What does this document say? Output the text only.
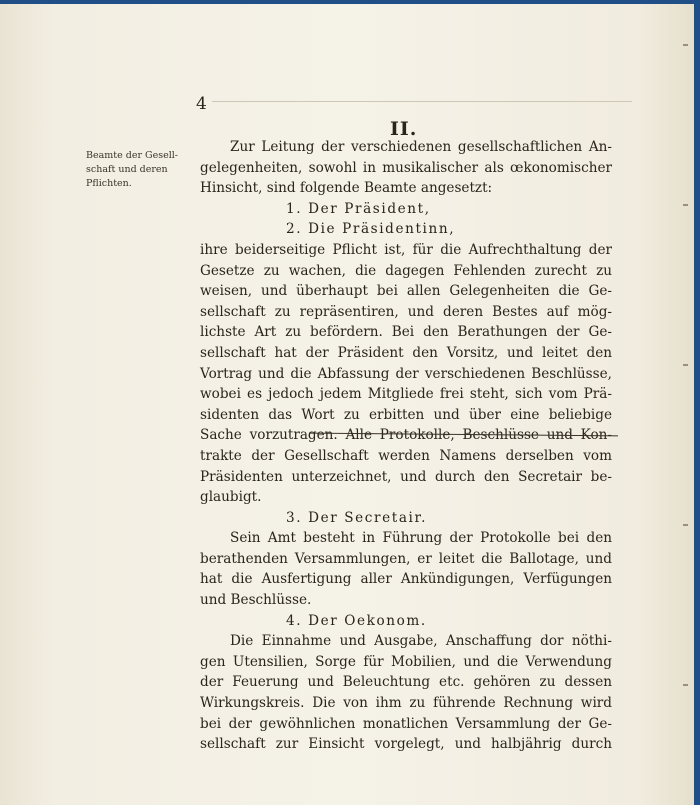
4
II.
Beamte der Gesell-
schaft und deren
Pflichten.
Zur Leitung der verschiedenen gesellschaftlichen An-
gelegenheiten, sowohl in musikalischer als œkonomischer
Hinsicht, sind folgende Beamte angesetzt:
1. Der Präsident,
2. Die Präsidentinn,
ihre beiderseitige Pflicht ist, für die Aufrechthaltung der
Gesetze zu wachen, die dagegen Fehlenden zurecht zu
weisen, und überhaupt bei allen Gelegenheiten die Ge-
sellschaft zu repräsentiren, und deren Bestes auf mög-
lichste Art zu befördern. Bei den Berathungen der Ge-
sellschaft hat der Präsident den Vorsitz, und leitet den
Vortrag und die Abfassung der verschiedenen Beschlüsse,
wobei es jedoch jedem Mitgliede frei steht, sich vom Prä-
sidenten das Wort zu erbitten und über eine beliebige
Sache vorzutragen. Alle Protokolle, Beschlüsse und Kon-
trakte der Gesellschaft werden Namens derselben vom
Präsidenten unterzeichnet, und durch den Secretair be-
glaubigt.
3. Der Secretair.
Sein Amt besteht in Führung der Protokolle bei den
berathenden Versammlungen, er leitet die Ballotage, und
hat die Ausfertigung aller Ankündigungen, Verfügungen
und Beschlüsse.
4. Der Oekonom.
Die Einnahme und Ausgabe, Anschaffung dor nöthi-
gen Utensilien, Sorge für Mobilien, und die Verwendung
der Feuerung und Beleuchtung etc. gehören zu dessen
Wirkungskreis. Die von ihm zu führende Rechnung wird
bei der gewöhnlichen monatlichen Versammlung der Ge-
sellschaft zur Einsicht vorgelegt, und halbjährig durch
